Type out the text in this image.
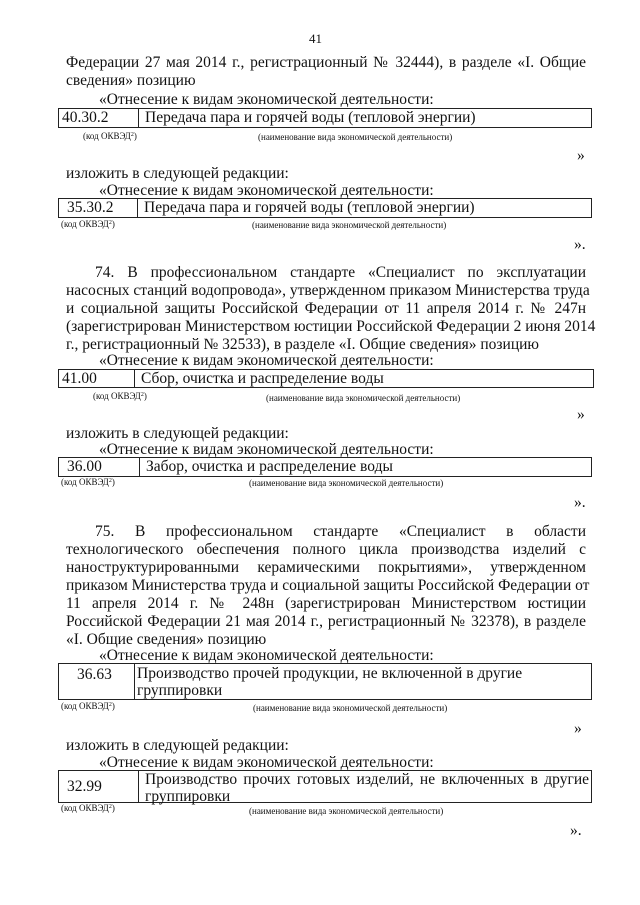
41
Федерации 27 мая 2014 г., регистрационный № 32444), в разделе «I. Общие
сведения» позицию
«Отнесение к видам экономической деятельности:
40.30.2	Передача пара и горячей воды (тепловой энергии)
(код ОКВЭД$^2$)	(наименование вида экономической деятельности)
»
изложить в следующей редакции:
«Отнесение к видам экономической деятельности:
35.30.2	Передача пара и горячей воды (тепловой энергии)
(код ОКВЭД$^2$)	(наименование вида экономической деятельности)
».
74. В профессиональном стандарте «Специалист по эксплуатации
насосных станций водопровода», утвержденном приказом Министерства труда
и социальной защиты Российской Федерации от 11 апреля 2014 г. № 247н
(зарегистрирован Министерством юстиции Российской Федерации 2 июня 2014
г., регистрационный № 32533), в разделе «I. Общие сведения» позицию
«Отнесение к видам экономической деятельности:
41.00	Сбор, очистка и распределение воды
(код ОКВЭД$^2$)	(наименование вида экономической деятельности)
»
изложить в следующей редакции:
«Отнесение к видам экономической деятельности:
36.00	Забор, очистка и распределение воды
(код ОКВЭД$^2$)	(наименование вида экономической деятельности)
».
75. В профессиональном стандарте «Специалист в области
технологического обеспечения полного цикла производства изделий с
наноструктурированными керамическими покрытиями», утвержденном
приказом Министерства труда и социальной защиты Российской Федерации от
11 апреля 2014 г. № 248н (зарегистрирован Министерством юстиции
Российской Федерации 21 мая 2014 г., регистрационный № 32378), в разделе
«I. Общие сведения» позицию
«Отнесение к видам экономической деятельности:
36.63	Производство прочей продукции, не включенной в другие
группировки
(код ОКВЭД$^2$)	(наименование вида экономической деятельности)
»
изложить в следующей редакции:
«Отнесение к видам экономической деятельности:
32.99	Производство прочих готовых изделий, не включенных в другие
группировки
(код ОКВЭД$^2$)	(наименование вида экономической деятельности)
».
